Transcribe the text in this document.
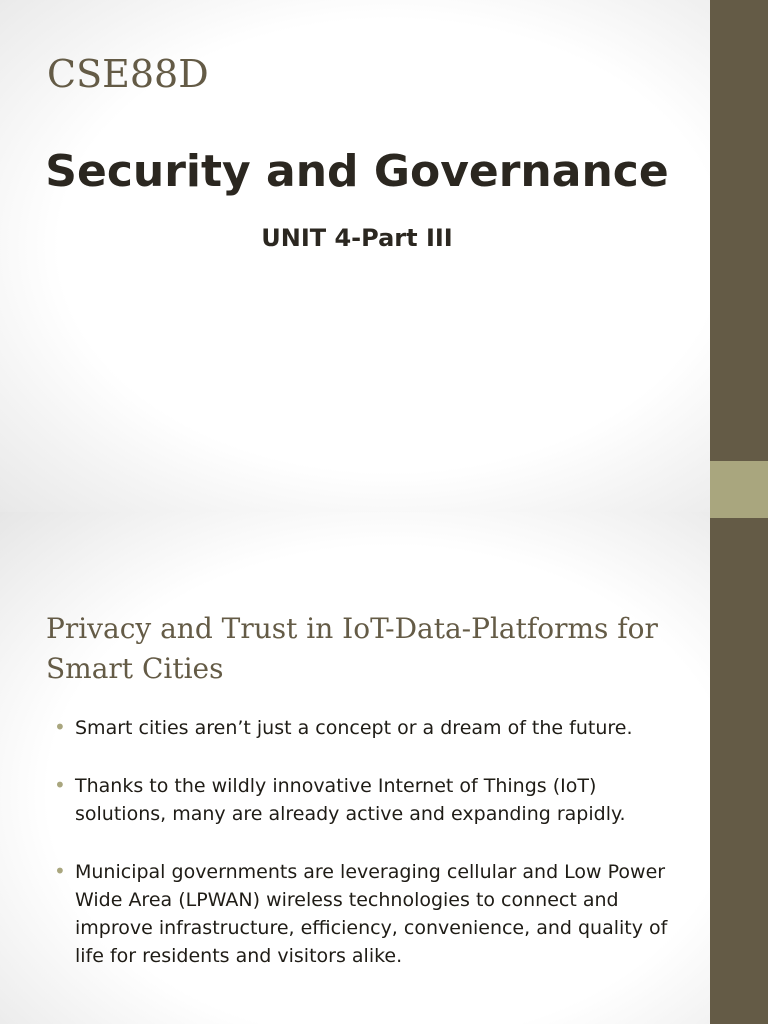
CSE88D
Security and Governance

UNIT 4-Part III

Privacy and Trust in IoT-Data-Platforms for Smart Cities
• Smart cities aren’t just a concept or a dream of the future.
• Thanks to the wildly innovative Internet of Things (IoT) solutions, many are already active and expanding rapidly.
• Municipal governments are leveraging cellular and Low Power Wide Area (LPWAN) wireless technologies to connect and improve infrastructure, efficiency, convenience, and quality of life for residents and visitors alike.
